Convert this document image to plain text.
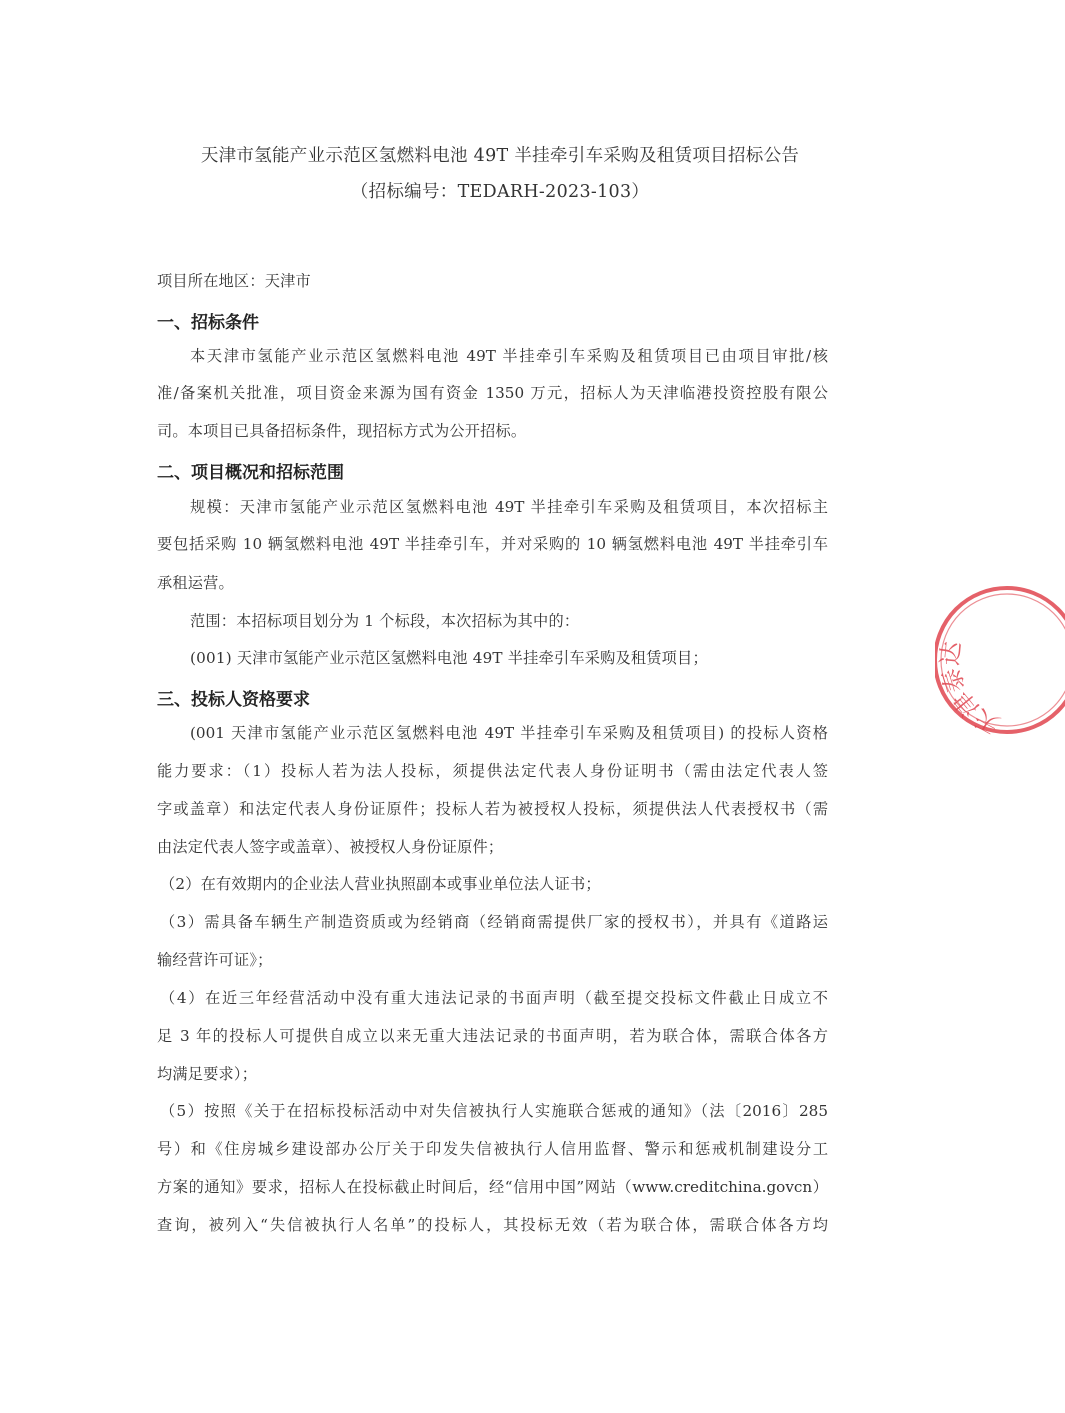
天津市氢能产业示范区氢燃料电池 49T 半挂牵引车采购及租赁项目招标公告
（招标编号：TEDARH-2023-103）
项目所在地区：天津市
一、招标条件
本天津市氢能产业示范区氢燃料电池 49T 半挂牵引车采购及租赁项目已由项目审批/核
准/备案机关批准，项目资金来源为国有资金 1350 万元，招标人为天津临港投资控股有限公
司。本项目已具备招标条件，现招标方式为公开招标。
二、项目概况和招标范围
规模：天津市氢能产业示范区氢燃料电池 49T 半挂牵引车采购及租赁项目，本次招标主
要包括采购 10 辆氢燃料电池 49T 半挂牵引车，并对采购的 10 辆氢燃料电池 49T 半挂牵引车
承租运营。
范围：本招标项目划分为 1 个标段，本次招标为其中的：
(001) 天津市氢能产业示范区氢燃料电池 49T 半挂牵引车采购及租赁项目；
三、投标人资格要求
(001 天津市氢能产业示范区氢燃料电池 49T 半挂牵引车采购及租赁项目) 的投标人资格
能力要求：（1）投标人若为法人投标，须提供法定代表人身份证明书（需由法定代表人签
字或盖章）和法定代表人身份证原件；投标人若为被授权人投标，须提供法人代表授权书（需
由法定代表人签字或盖章）、被授权人身份证原件；
（2）在有效期内的企业法人营业执照副本或事业单位法人证书；
（3）需具备车辆生产制造资质或为经销商（经销商需提供厂家的授权书），并具有《道路运
输经营许可证》；
（4）在近三年经营活动中没有重大违法记录的书面声明（截至提交投标文件截止日成立不
足 3 年的投标人可提供自成立以来无重大违法记录的书面声明，若为联合体，需联合体各方
均满足要求）；
（5）按照《关于在招标投标活动中对失信被执行人实施联合惩戒的通知》（法〔2016〕285
号）和《住房城乡建设部办公厅关于印发失信被执行人信用监督、警示和惩戒机制建设分工
方案的通知》要求，招标人在投标截止时间后，经“信用中国”网站（www.creditchina.govcn）
查询，被列入“失信被执行人名单”的投标人，其投标无效（若为联合体，需联合体各方均
天津泰达
